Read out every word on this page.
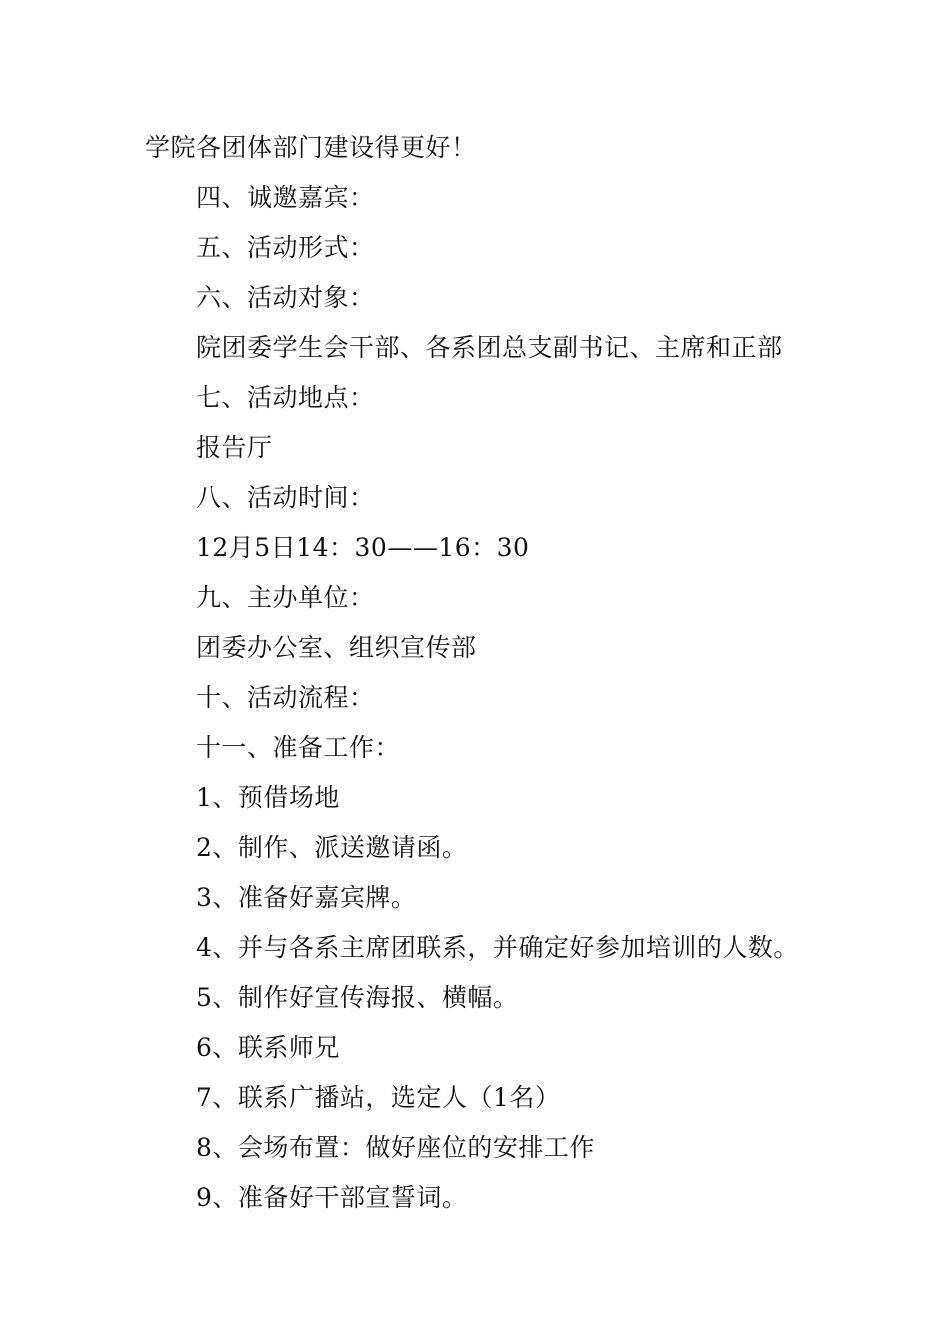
学院各团体部门建设得更好！
四、诚邀嘉宾：
五、活动形式：
六、活动对象：
院团委学生会干部、各系团总支副书记、主席和正部
七、活动地点：
报告厅
八、活动时间：
12月5日14：30——16：30
九、主办单位：
团委办公室、组织宣传部
十、活动流程：
十一、准备工作：
1、预借场地
2、制作、派送邀请函。
3、准备好嘉宾牌。
4、并与各系主席团联系，并确定好参加培训的人数。
5、制作好宣传海报、横幅。
6、联系师兄
7、联系广播站，选定人（1名）
8、会场布置：做好座位的安排工作
9、准备好干部宣誓词。
